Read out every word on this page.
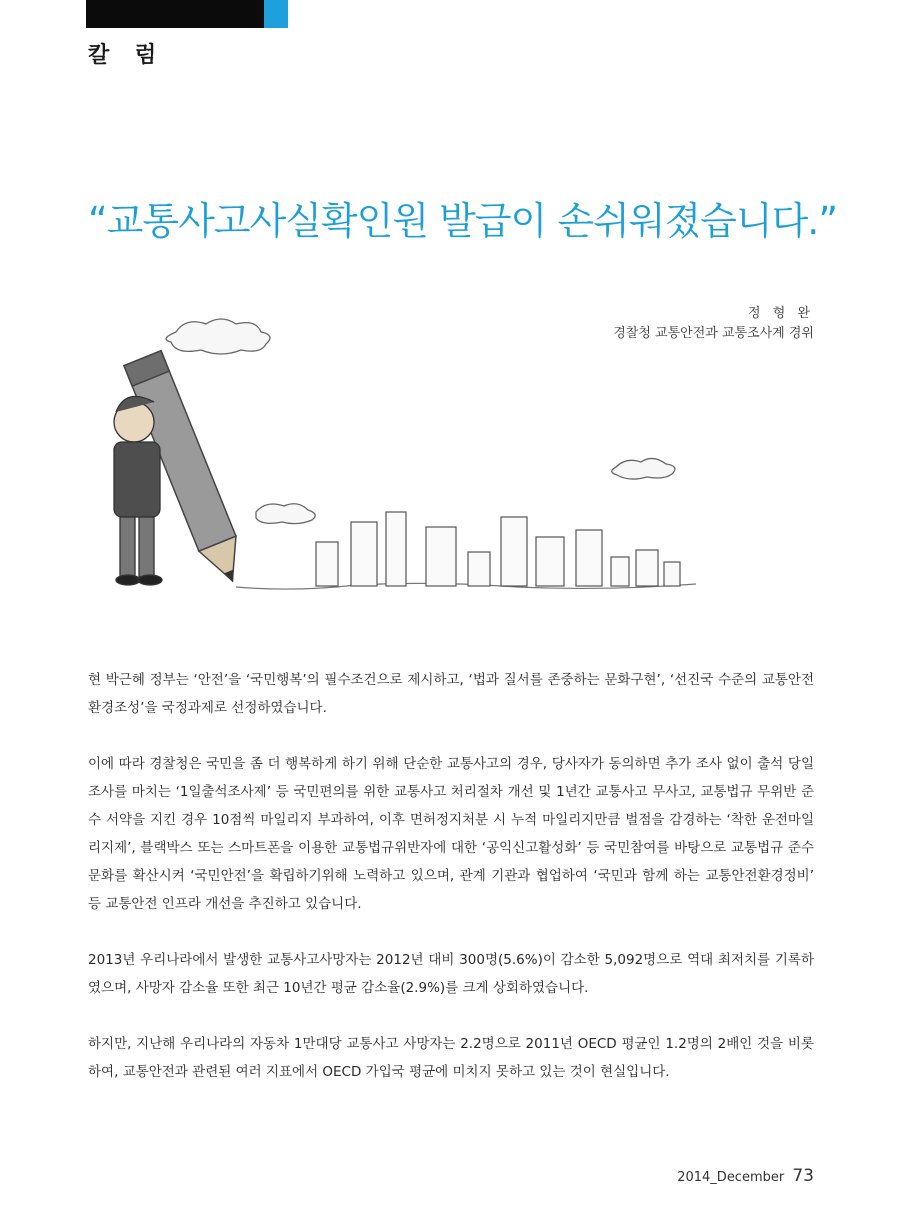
칼 럼
“교통사고사실확인원 발급이 손쉬워졌습니다.”
정 형 완
경찰청 교통안전과 교통조사계 경위

현 박근혜 정부는 ‘안전’을 ‘국민행복’의 필수조건으로 제시하고, ‘법과 질서를 존중하는 문화구현’, ‘선진국 수준의 교통안전 환경조성’을 국정과제로 선정하였습니다.

이에 따라 경찰청은 국민을 좀 더 행복하게 하기 위해 단순한 교통사고의 경우, 당사자가 동의하면 추가 조사 없이 출석 당일 조사를 마치는 ‘1일출석조사제’ 등 국민편의를 위한 교통사고 처리절차 개선 및 1년간 교통사고 무사고, 교통법규 무위반 준수 서약을 지킨 경우 10점씩 마일리지 부과하여, 이후 면허정지처분 시 누적 마일리지만큼 벌점을 감경하는 ‘착한 운전마일리지제’, 블랙박스 또는 스마트폰을 이용한 교통법규위반자에 대한 ‘공익신고활성화’ 등 국민참여를 바탕으로 교통법규 준수문화를 확산시켜 ‘국민안전’을 확립하기위해 노력하고 있으며, 관계 기관과 협업하여 ‘국민과 함께 하는 교통안전환경정비’ 등 교통안전 인프라 개선을 추진하고 있습니다.

2013년 우리나라에서 발생한 교통사고사망자는 2012년 대비 300명(5.6%)이 감소한 5,092명으로 역대 최저치를 기록하였으며, 사망자 감소율 또한 최근 10년간 평균 감소율(2.9%)를 크게 상회하였습니다.

하지만, 지난해 우리나라의 자동차 1만대당 교통사고 사망자는 2.2명으로 2011년 OECD 평균인 1.2명의 2배인 것을 비롯하여, 교통안전과 관련된 여러 지표에서 OECD 가입국 평균에 미치지 못하고 있는 것이 현실입니다.

2014_December 73
